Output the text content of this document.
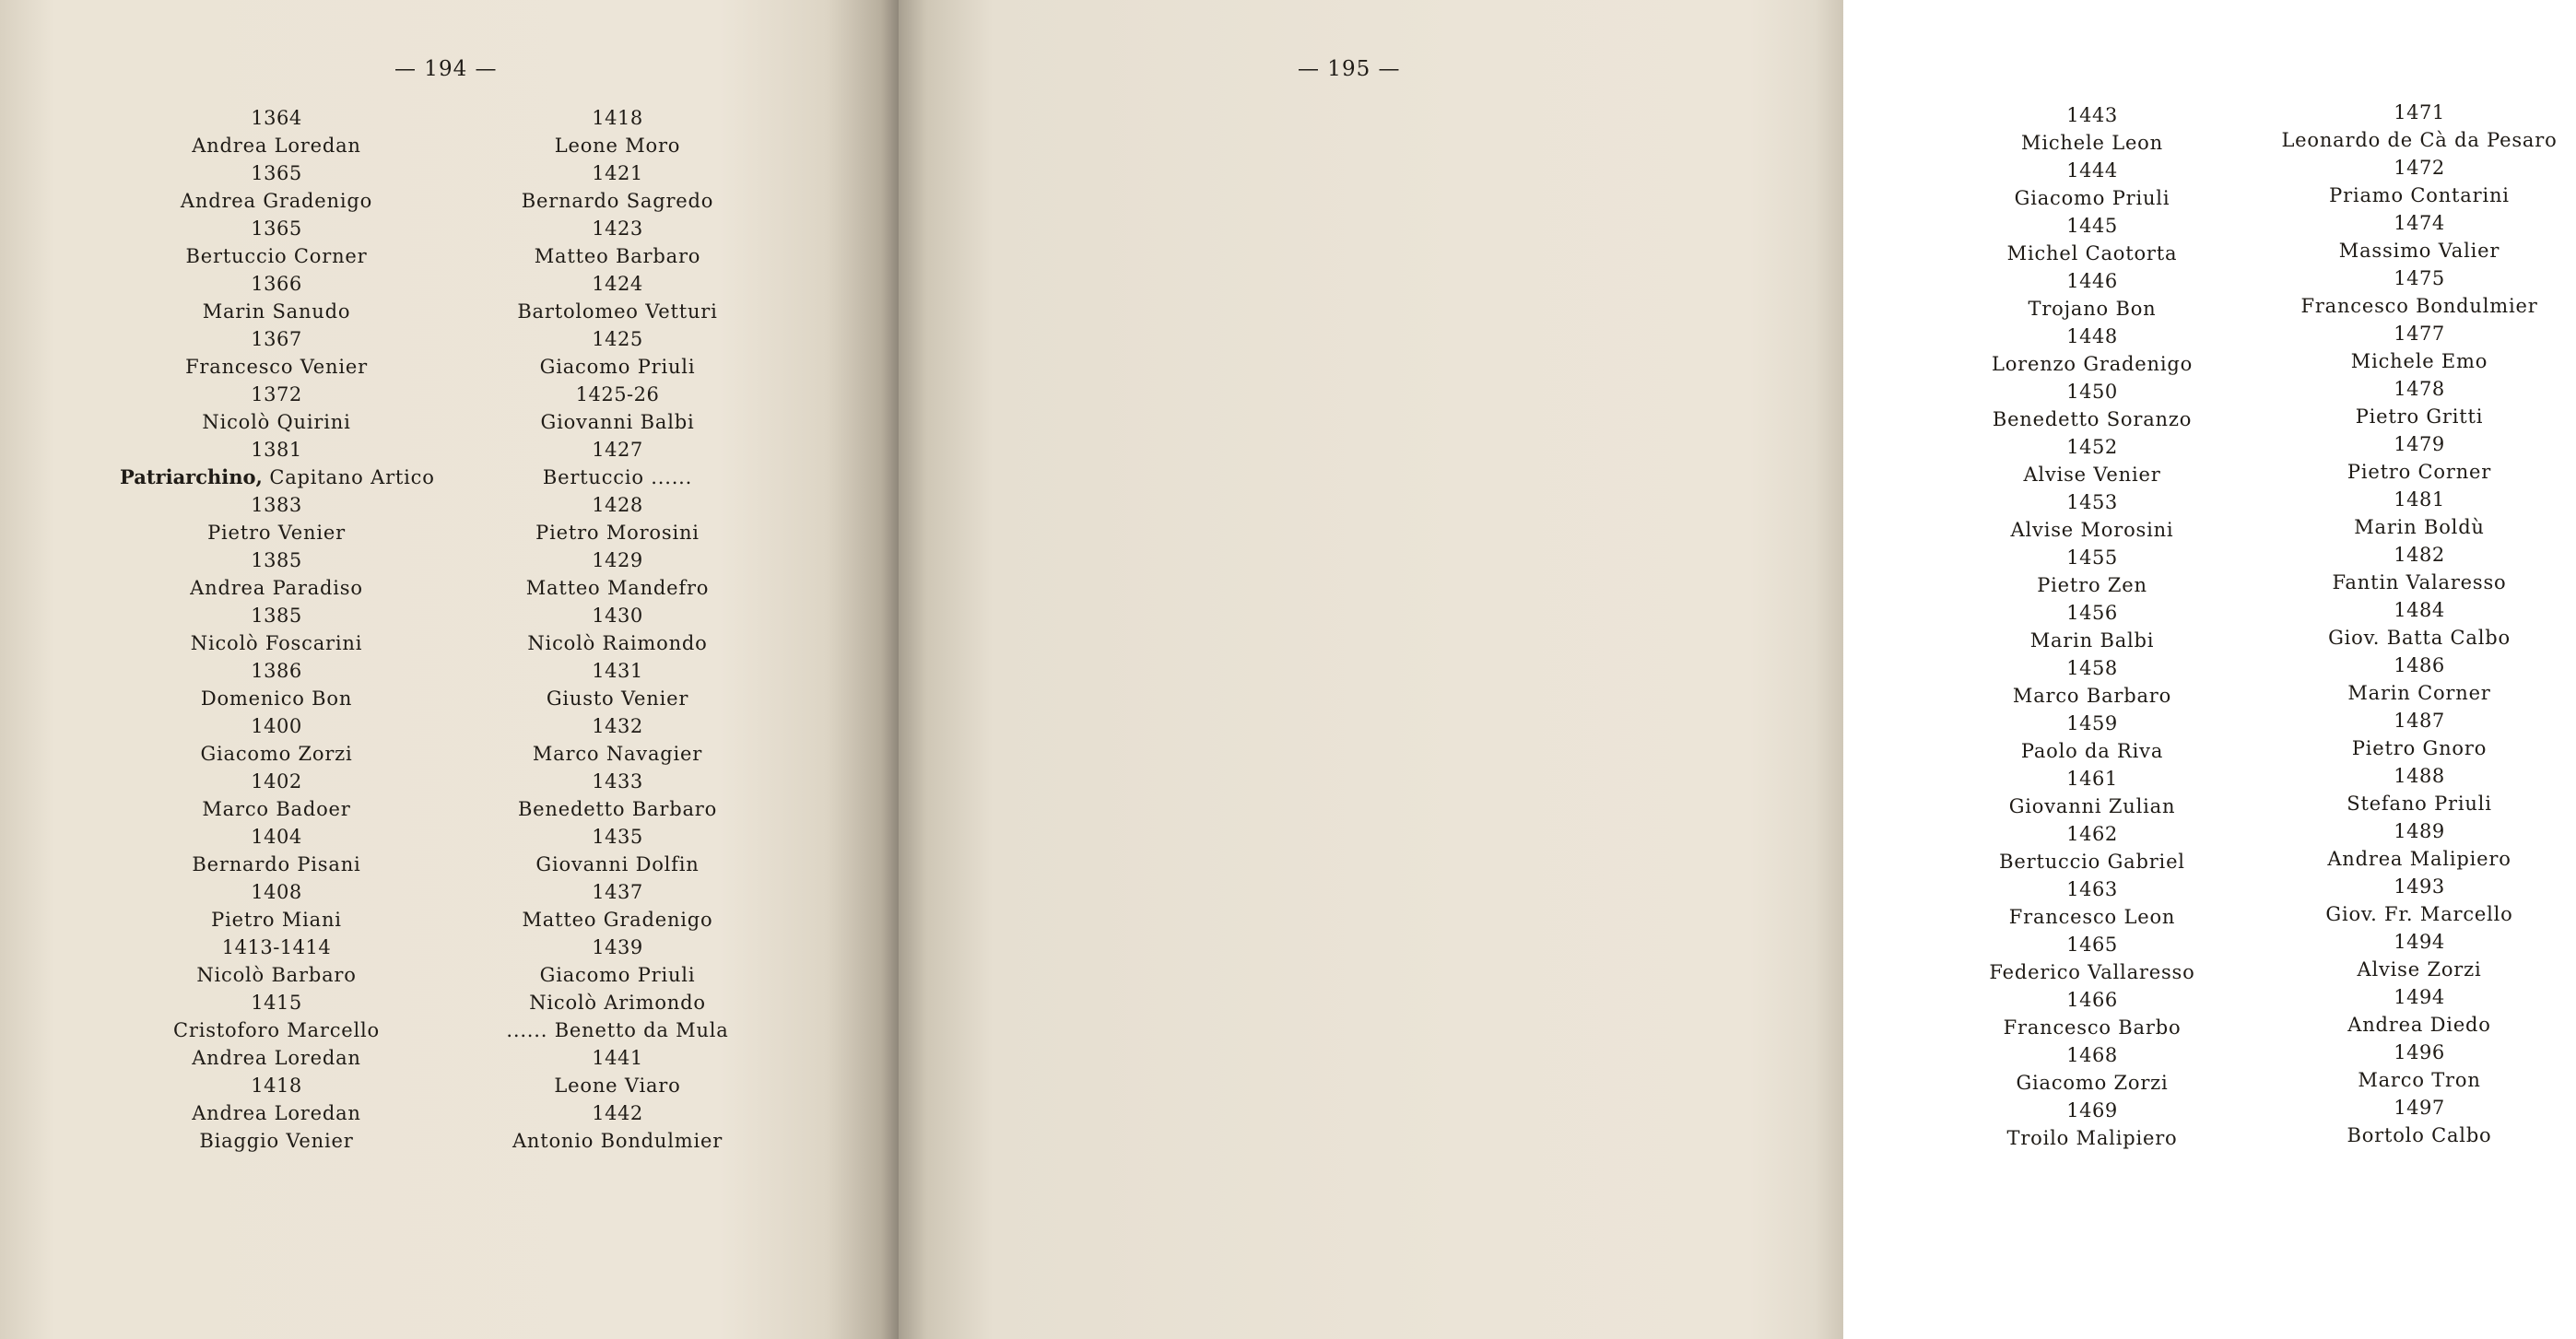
— 194 —
1364
Andrea Loredan
1365
Andrea Gradenigo
1365
Bertuccio Corner
1366
Marin Sanudo
1367
Francesco Venier
1372
Nicolò Quirini
1381
Patriarchino, Capitano Artico
1383
Pietro Venier
1385
Andrea Paradiso
1385
Nicolò Foscarini
1386
Domenico Bon
1400
Giacomo Zorzi
1402
Marco Badoer
1404
Bernardo Pisani
1408
Pietro Miani
1413-1414
Nicolò Barbaro
1415
Cristoforo Marcello
Andrea Loredan
1418
Andrea Loredan
Biaggio Venier
1418
Leone Moro
1421
Bernardo Sagredo
1423
Matteo Barbaro
1424
Bartolomeo Vetturi
1425
Giacomo Priuli
1425-26
Giovanni Balbi
1427
Bertuccio ......
1428
Pietro Morosini
1429
Matteo Mandefro
1430
Nicolò Raimondo
1431
Giusto Venier
1432
Marco Navagier
1433
Benedetto Barbaro
1435
Giovanni Dolfin
1437
Matteo Gradenigo
1439
Giacomo Priuli
Nicolò Arimondo
...... Benetto da Mula
1441
Leone Viaro
1442
Antonio Bondulmier
— 195 —
1443
Michele Leon
1444
Giacomo Priuli
1445
Michel Caotorta
1446
Trojano Bon
1448
Lorenzo Gradenigo
1450
Benedetto Soranzo
1452
Alvise Venier
1453
Alvise Morosini
1455
Pietro Zen
1456
Marin Balbi
1458
Marco Barbaro
1459
Paolo da Riva
1461
Giovanni Zulian
1462
Bertuccio Gabriel
1463
Francesco Leon
1465
Federico Vallaresso
1466
Francesco Barbo
1468
Giacomo Zorzi
1469
Troilo Malipiero
1471
Leonardo de Cà da Pesaro
1472
Priamo Contarini
1474
Massimo Valier
1475
Francesco Bondulmier
1477
Michele Emo
1478
Pietro Gritti
1479
Pietro Corner
1481
Marin Boldù
1482
Fantin Valaresso
1484
Giov. Batta Calbo
1486
Marin Corner
1487
Pietro Gnoro
1488
Stefano Priuli
1489
Andrea Malipiero
1493
Giov. Fr. Marcello
1494
Alvise Zorzi
1494
Andrea Diedo
1496
Marco Tron
1497
Bortolo Calbo
